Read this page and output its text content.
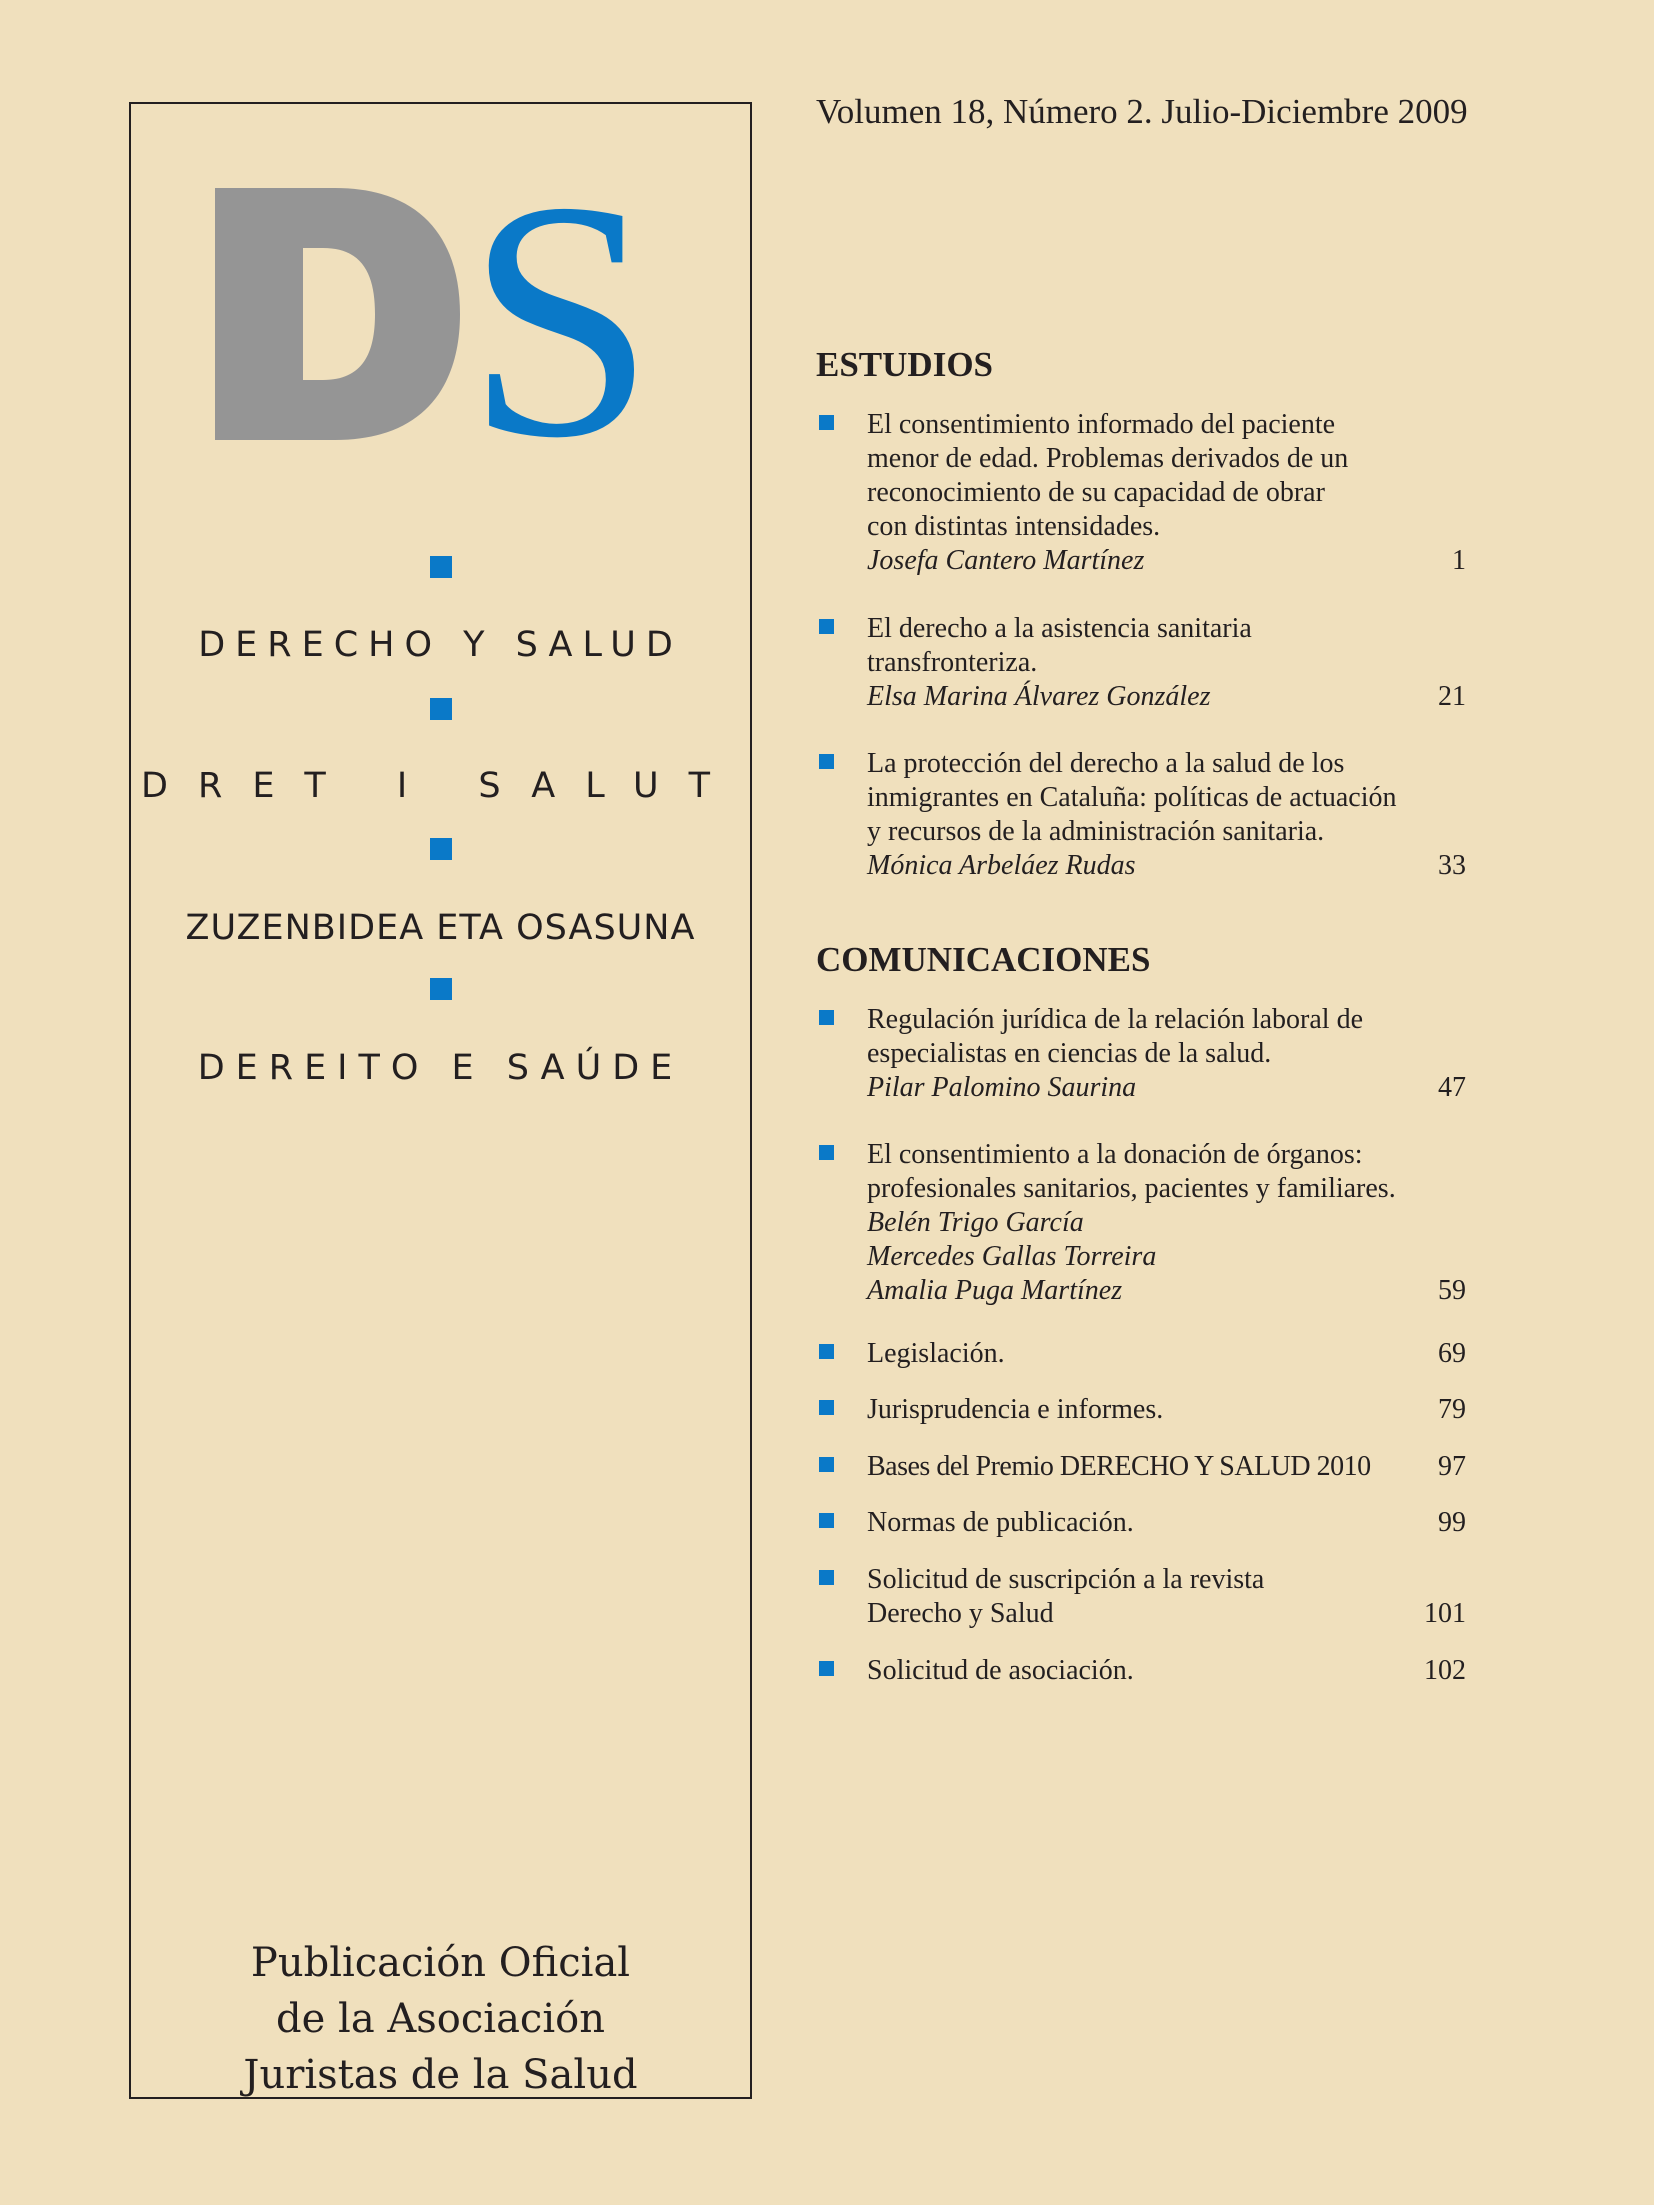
S
DERECHO Y SALUD
DRET I SALUT
ZUZENBIDEA ETA OSASUNA
DEREITO E SAÚDE
Publicación Oficial
de la Asociación
Juristas de la Salud
Volumen 18, Número 2. Julio-Diciembre 2009
ESTUDIOS
El consentimiento informado del paciente
menor de edad. Problemas derivados de un
reconocimiento de su capacidad de obrar
con distintas intensidades.
Josefa Cantero Martínez	1
El derecho a la asistencia sanitaria
transfronteriza.
Elsa Marina Álvarez González	21
La protección del derecho a la salud de los
inmigrantes en Cataluña: políticas de actuación
y recursos de la administración sanitaria.
Mónica Arbeláez Rudas	33
COMUNICACIONES
Regulación jurídica de la relación laboral de
especialistas en ciencias de la salud.
Pilar Palomino Saurina	47
El consentimiento a la donación de órganos:
profesionales sanitarios, pacientes y familiares.
Belén Trigo García
Mercedes Gallas Torreira
Amalia Puga Martínez	59
Legislación.	69
Jurisprudencia e informes.	79
Bases del Premio DERECHO Y SALUD 2010	97
Normas de publicación.	99
Solicitud de suscripción a la revista
Derecho y Salud	101
Solicitud de asociación.	102
